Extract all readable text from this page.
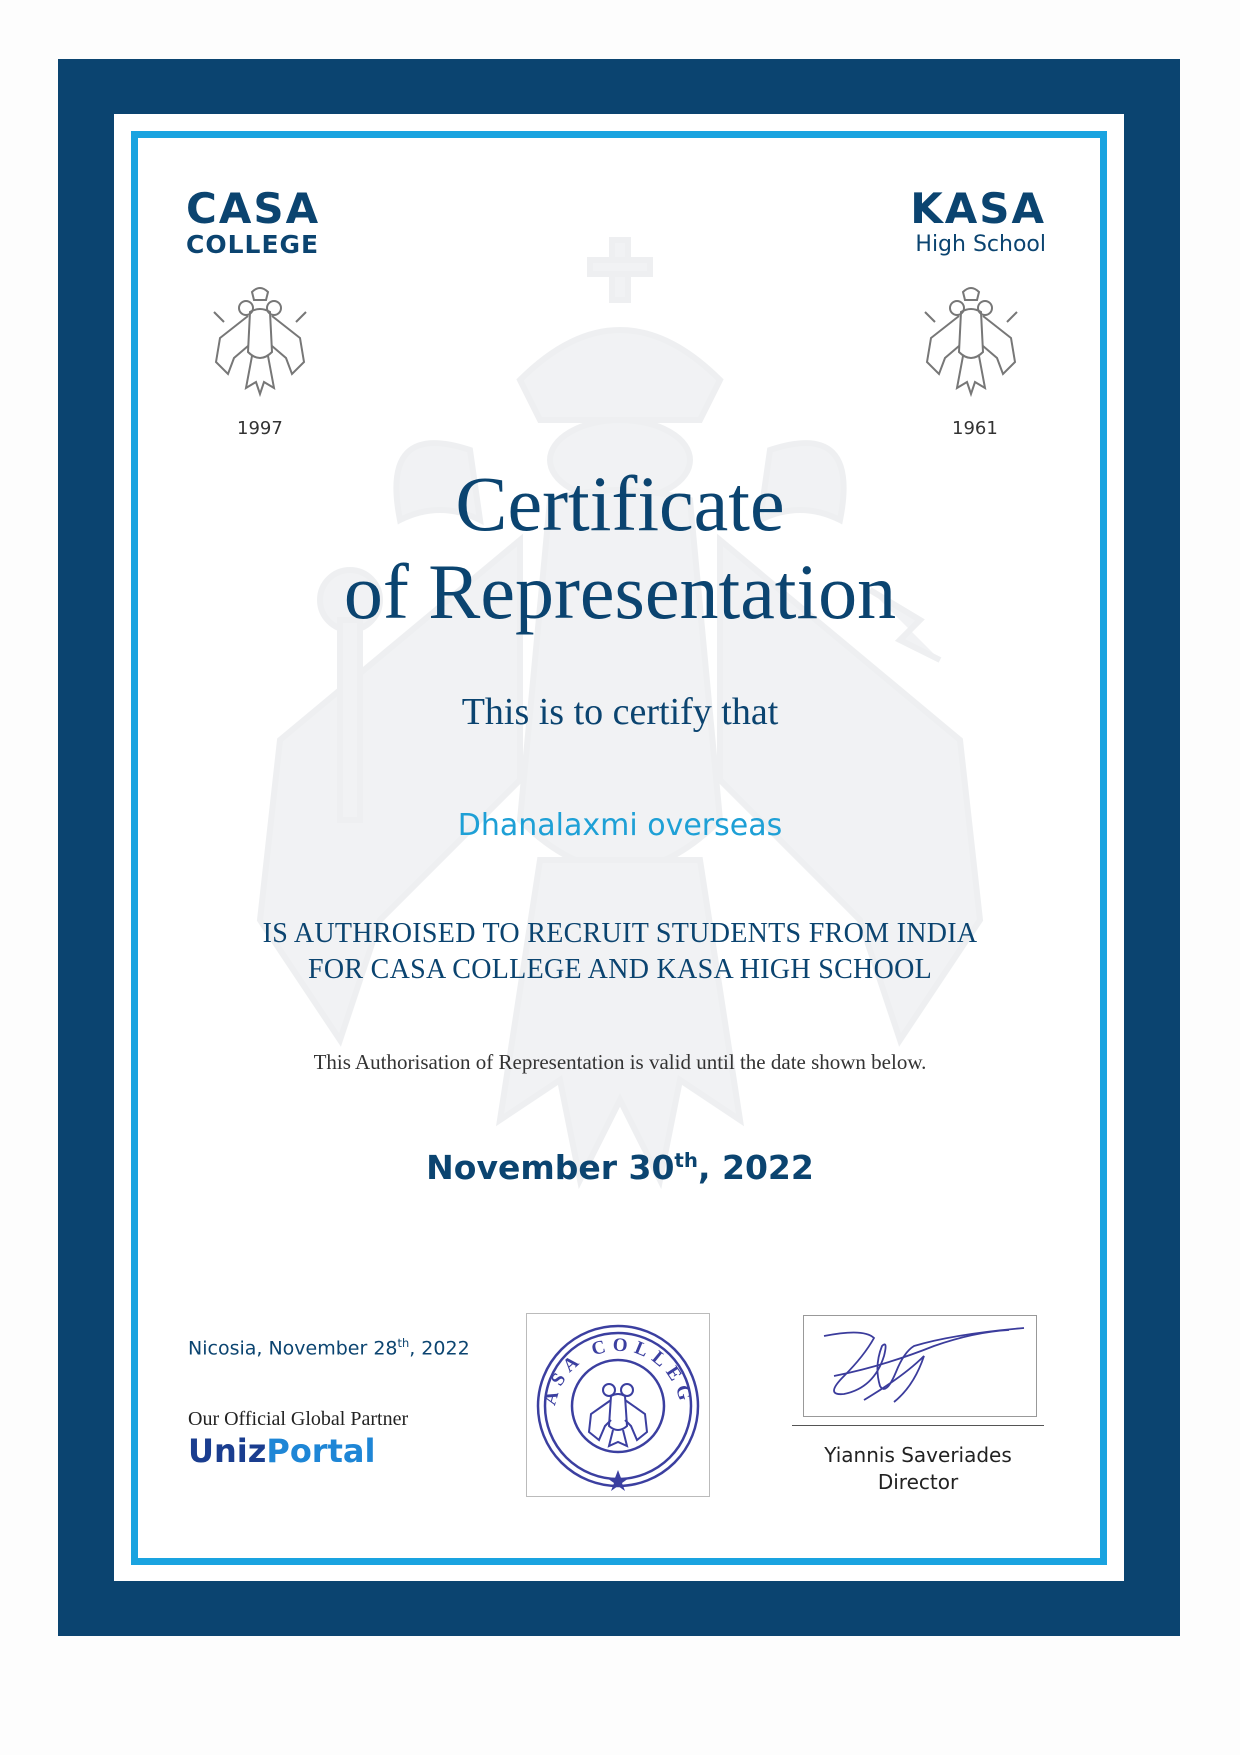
CASA
COLLEGE
KASA
High School
1997	1961
Certificate
of Representation
This is to certify that
Dhanalaxmi overseas
IS AUTHROISED TO RECRUIT STUDENTS FROM INDIA
FOR CASA COLLEGE AND KASA HIGH SCHOOL
This Authorisation of Representation is valid until the date shown below.
November 30th, 2022
Nicosia, November 28th, 2022
Our Official Global Partner
UnizPortal
ASA COLLEG
Yiannis Saveriades
Director
